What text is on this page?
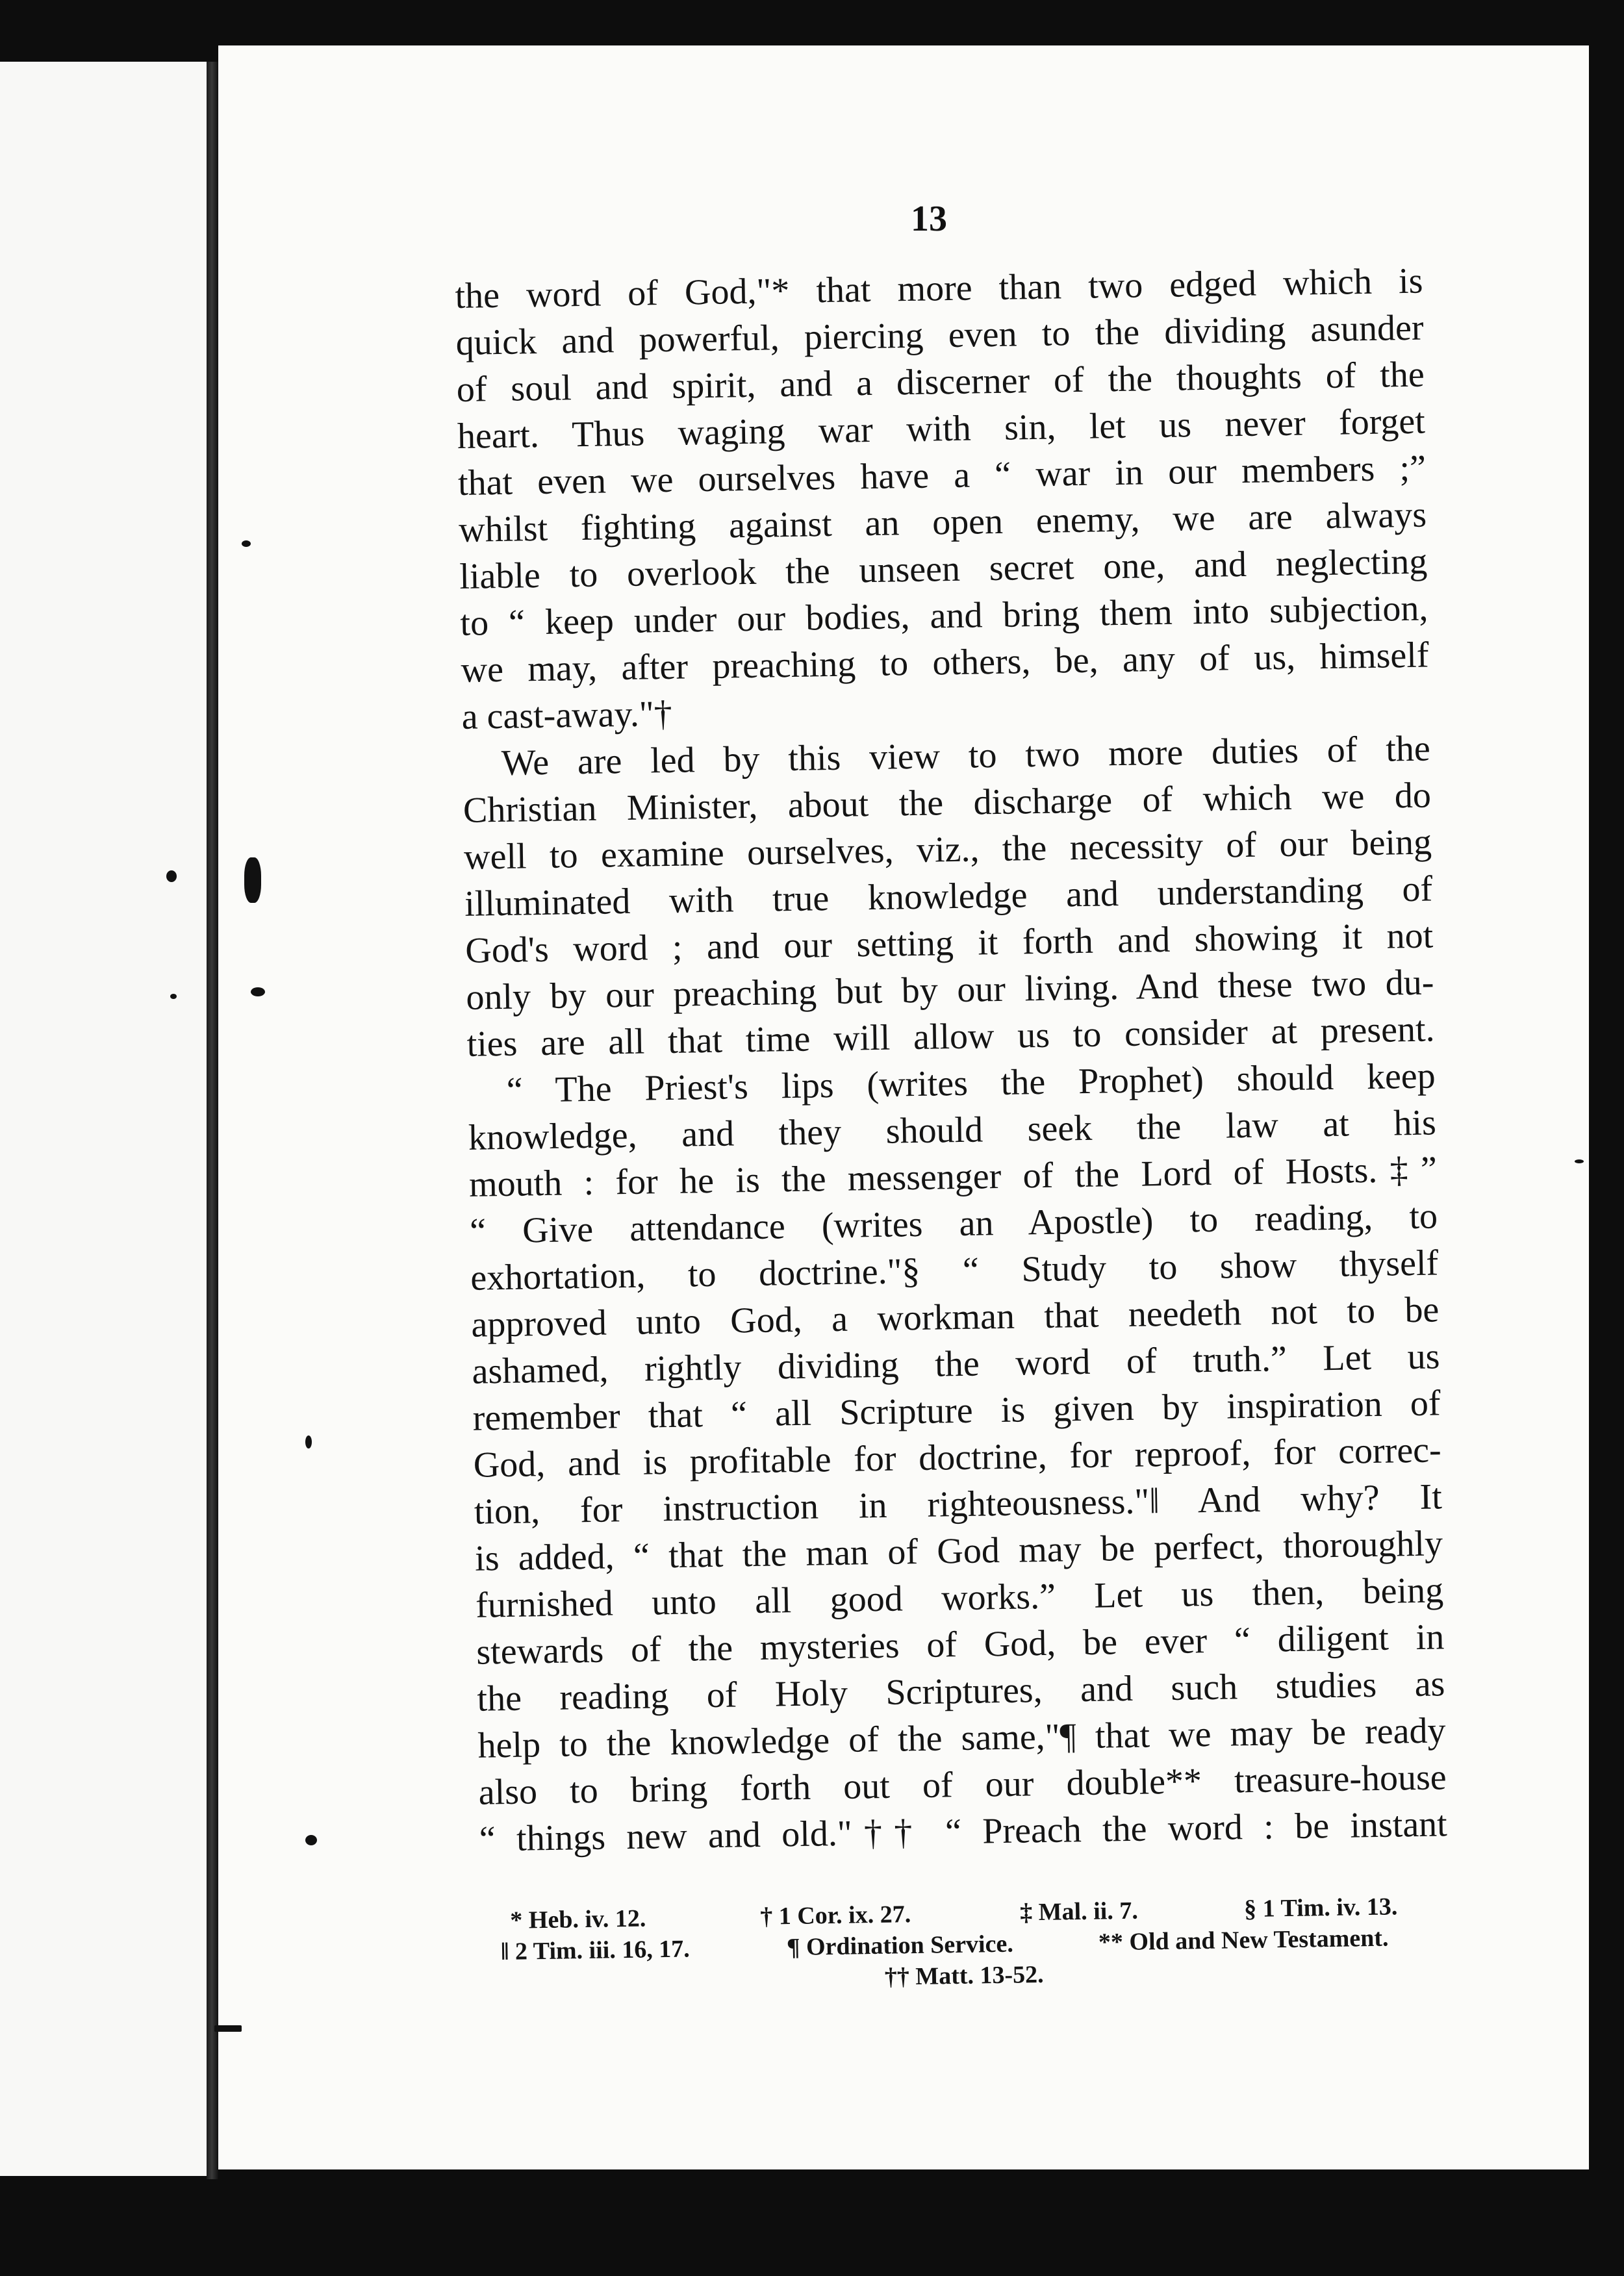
13
the word of God,"* that more than two edged which is
quick and powerful, piercing even to the dividing asunder
of soul and spirit, and a discerner of the thoughts of the
heart. Thus waging war with sin, let us never forget
that even we ourselves have a “ war in our members ;”
whilst fighting against an open enemy, we are always
liable to overlook the unseen secret one, and neglecting
to “ keep under our bodies, and bring them into subjection,
we may, after preaching to others, be, any of us, himself
a cast-away."†
We are led by this view to two more duties of the
Christian Minister, about the discharge of which we do
well to examine ourselves, viz., the necessity of our being
illuminated with true knowledge and understanding of
God's word ; and our setting it forth and showing it not
only by our preaching but by our living. And these two du-
ties are all that time will allow us to consider at present.
“ The Priest's lips (writes the Prophet) should keep
knowledge, and they should seek the law at his
mouth : for he is the messenger of the Lord of Hosts.‡”
“ Give attendance (writes an Apostle) to reading, to
exhortation, to doctrine."§ “ Study to show thyself
approved unto God, a workman that needeth not to be
ashamed, rightly dividing the word of truth.” Let us
remember that “ all Scripture is given by inspiration of
God, and is profitable for doctrine, for reproof, for correc-
tion, for instruction in righteousness."‖ And why? It
is added, “ that the man of God may be perfect, thoroughly
furnished unto all good works.” Let us then, being
stewards of the mysteries of God, be ever “ diligent in
the reading of Holy Scriptures, and such studies as
help to the knowledge of the same,"¶ that we may be ready
also to bring forth out of our double** treasure-house
“ things new and old."†† “ Preach the word : be instant
* Heb. iv. 12.	† 1 Cor. ix. 27.	‡ Mal. ii. 7.	§ 1 Tim. iv. 13.
‖ 2 Tim. iii. 16, 17.	¶ Ordination Service.	** Old and New Testament.
†† Matt. 13-52.
